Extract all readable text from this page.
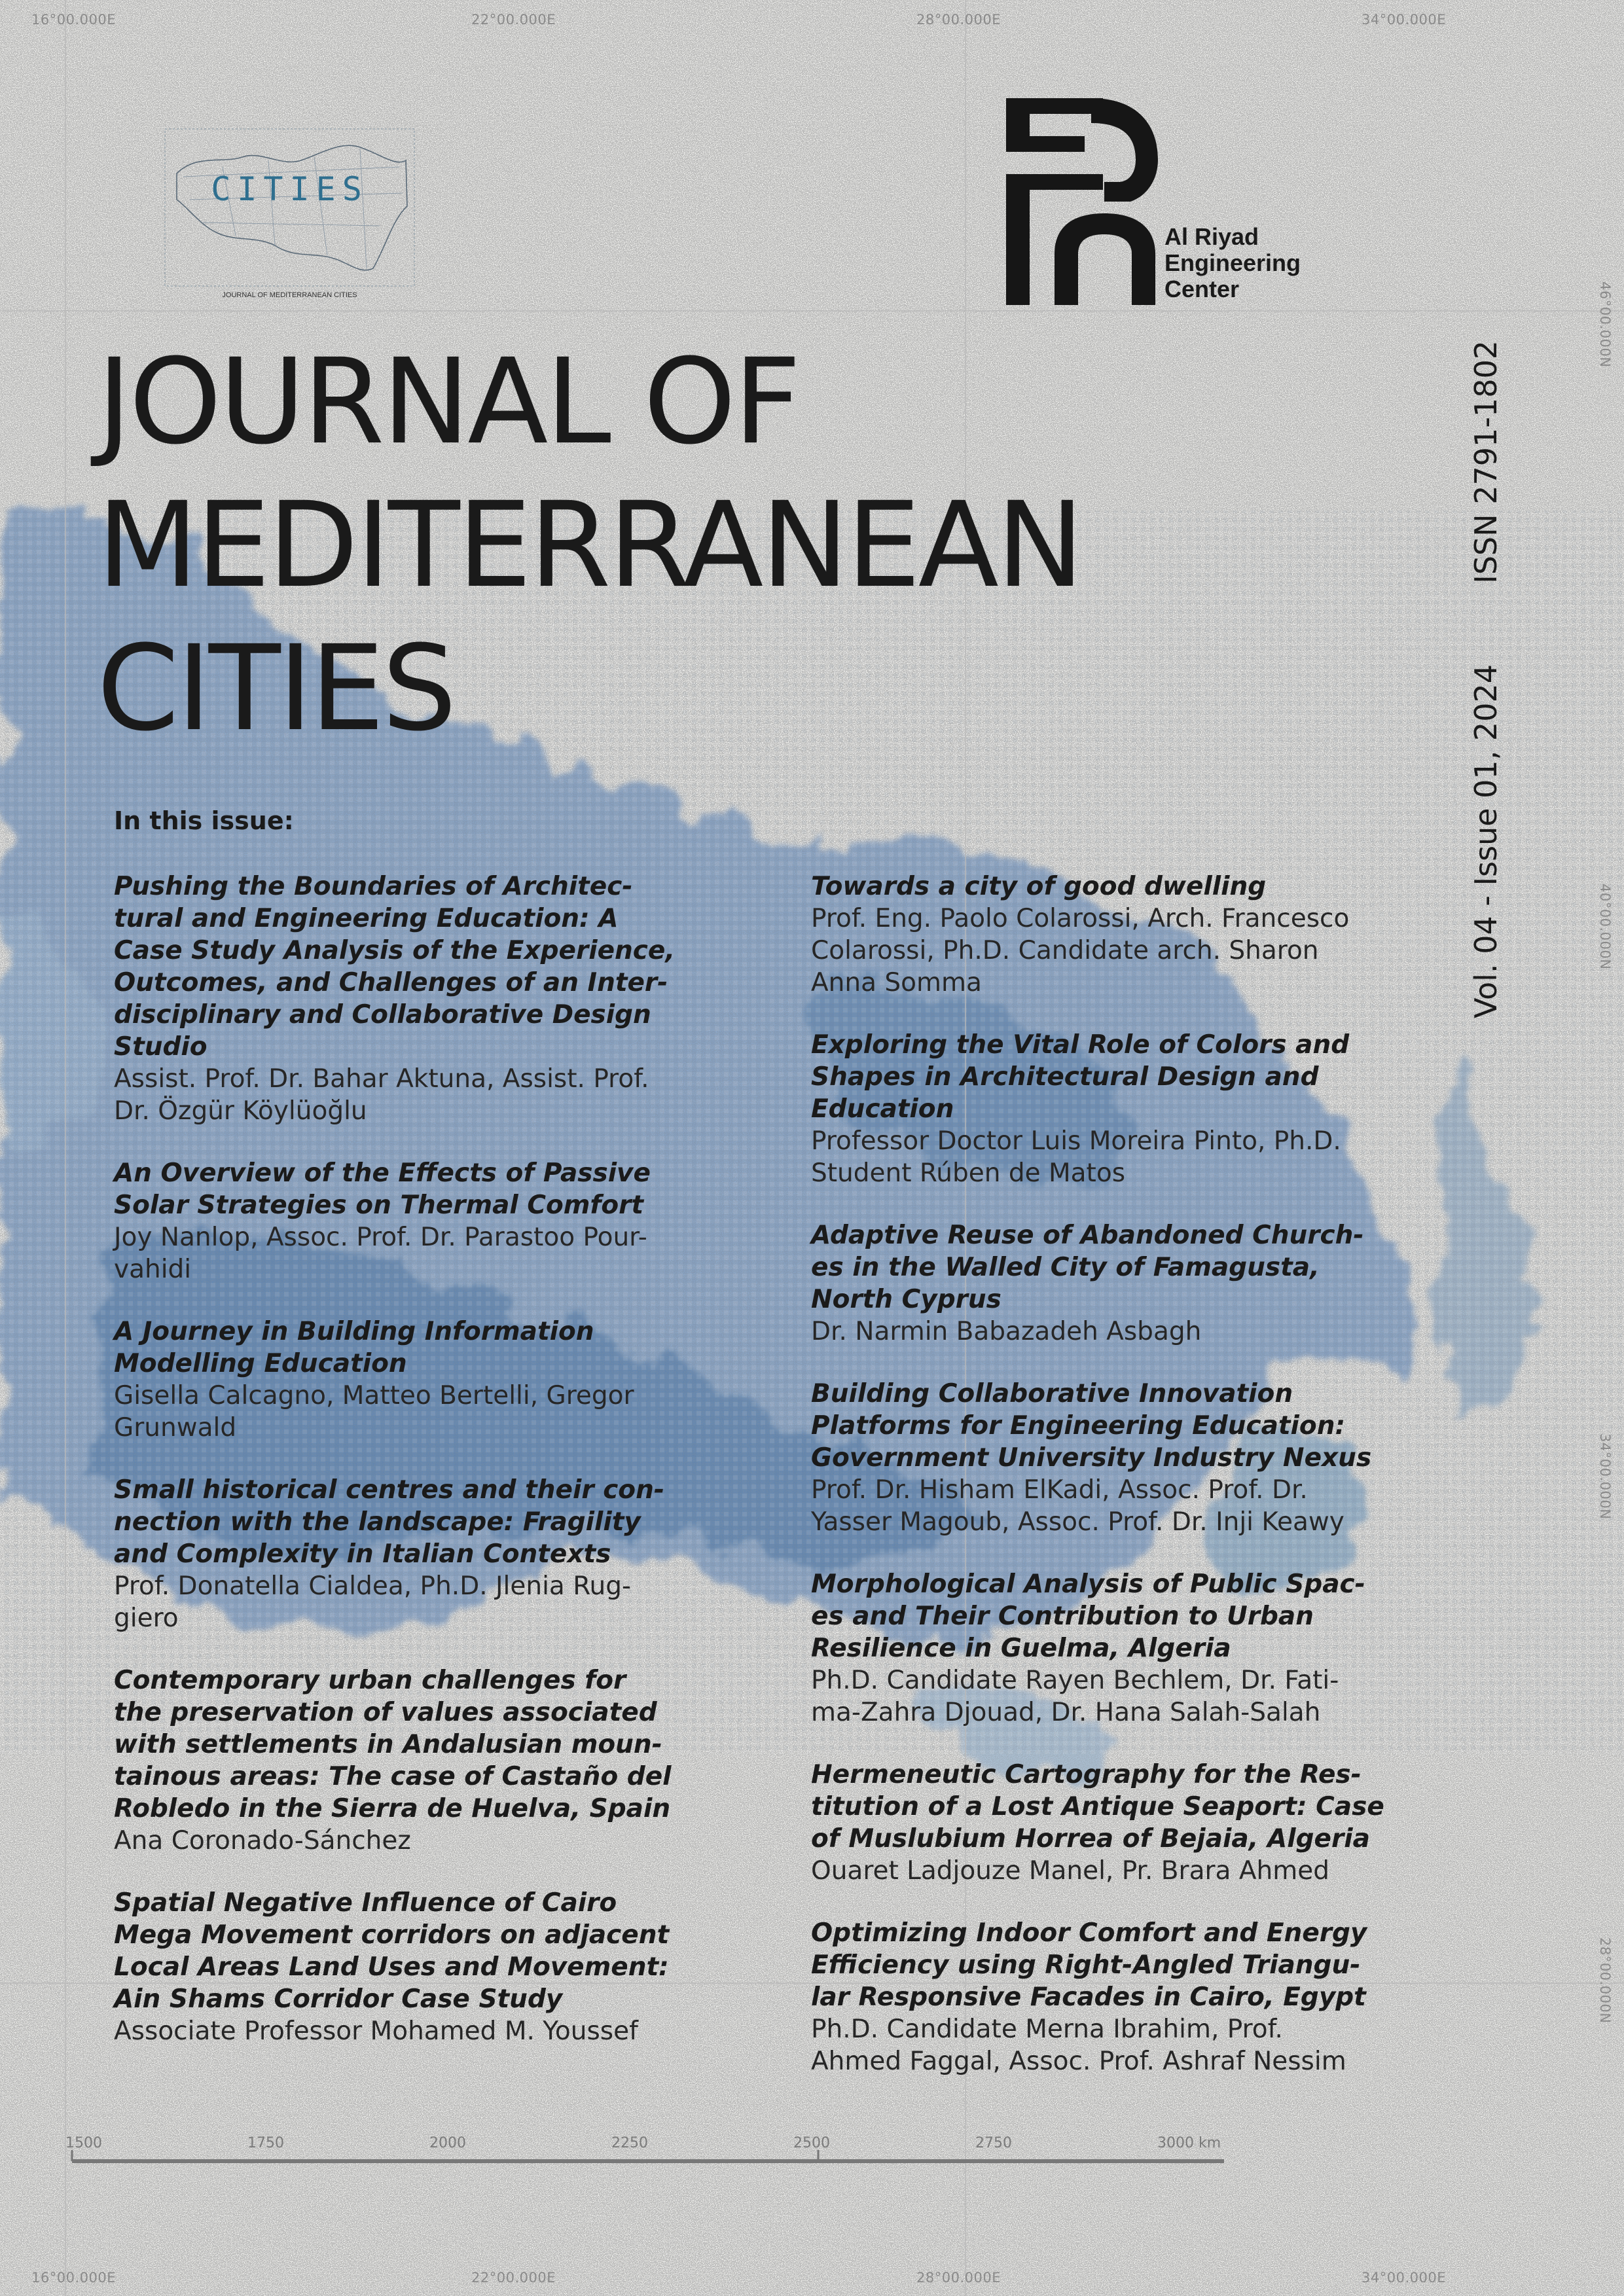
16°00.000E	22°00.000E	28°00.000E	34°00.000E
16°00.000E	22°00.000E	28°00.000E	34°00.000E
46°00.000N
40°00.000N
34°00.000N
28°00.000N
1500	1750	2000	2250	2500	2750	3000 km
CITIES
JOURNAL OF MEDITERRANEAN CITIES
Al Riyad
Engineering
Center
JOURNAL OF
MEDITERRANEAN
CITIES
ISSN 2791-1802
Vol. 04 - Issue 01, 2024
In this issue:
Pushing the Boundaries of Architec-
tural and Engineering Education: A
Case Study Analysis of the Experience,
Outcomes, and Challenges of an Inter-
disciplinary and Collaborative Design
Studio
Assist. Prof. Dr. Bahar Aktuna, Assist. Prof.
Dr. Özgür Köylüoğlu
An Overview of the Effects of Passive
Solar Strategies on Thermal Comfort
Joy Nanlop, Assoc. Prof. Dr. Parastoo Pour-
vahidi
A Journey in Building Information
Modelling Education
Gisella Calcagno, Matteo Bertelli, Gregor
Grunwald
Small historical centres and their con-
nection with the landscape: Fragility
and Complexity in Italian Contexts
Prof. Donatella Cialdea, Ph.D. Jlenia Rug-
giero
Contemporary urban challenges for
the preservation of values associated
with settlements in Andalusian moun-
tainous areas: The case of Castaño del
Robledo in the Sierra de Huelva, Spain
Ana Coronado-Sánchez
Spatial Negative Influence of Cairo
Mega Movement corridors on adjacent
Local Areas Land Uses and Movement:
Ain Shams Corridor Case Study
Associate Professor Mohamed M. Youssef
Towards a city of good dwelling
Prof. Eng. Paolo Colarossi, Arch. Francesco
Colarossi, Ph.D. Candidate arch. Sharon
Anna Somma
Exploring the Vital Role of Colors and
Shapes in Architectural Design and
Education
Professor Doctor Luis Moreira Pinto, Ph.D.
Student Rúben de Matos
Adaptive Reuse of Abandoned Church-
es in the Walled City of Famagusta,
North Cyprus
Dr. Narmin Babazadeh Asbagh
Building Collaborative Innovation
Platforms for Engineering Education:
Government University Industry Nexus
Prof. Dr. Hisham ElKadi, Assoc. Prof. Dr.
Yasser Magoub, Assoc. Prof. Dr. Inji Keawy
Morphological Analysis of Public Spac-
es and Their Contribution to Urban
Resilience in Guelma, Algeria
Ph.D. Candidate Rayen Bechlem, Dr. Fati-
ma-Zahra Djouad, Dr. Hana Salah-Salah
Hermeneutic Cartography for the Res-
titution of a Lost Antique Seaport: Case
of Muslubium Horrea of Bejaia, Algeria
Ouaret Ladjouze Manel, Pr. Brara Ahmed
Optimizing Indoor Comfort and Energy
Efficiency using Right-Angled Triangu-
lar Responsive Facades in Cairo, Egypt
Ph.D. Candidate Merna Ibrahim, Prof.
Ahmed Faggal, Assoc. Prof. Ashraf Nessim
